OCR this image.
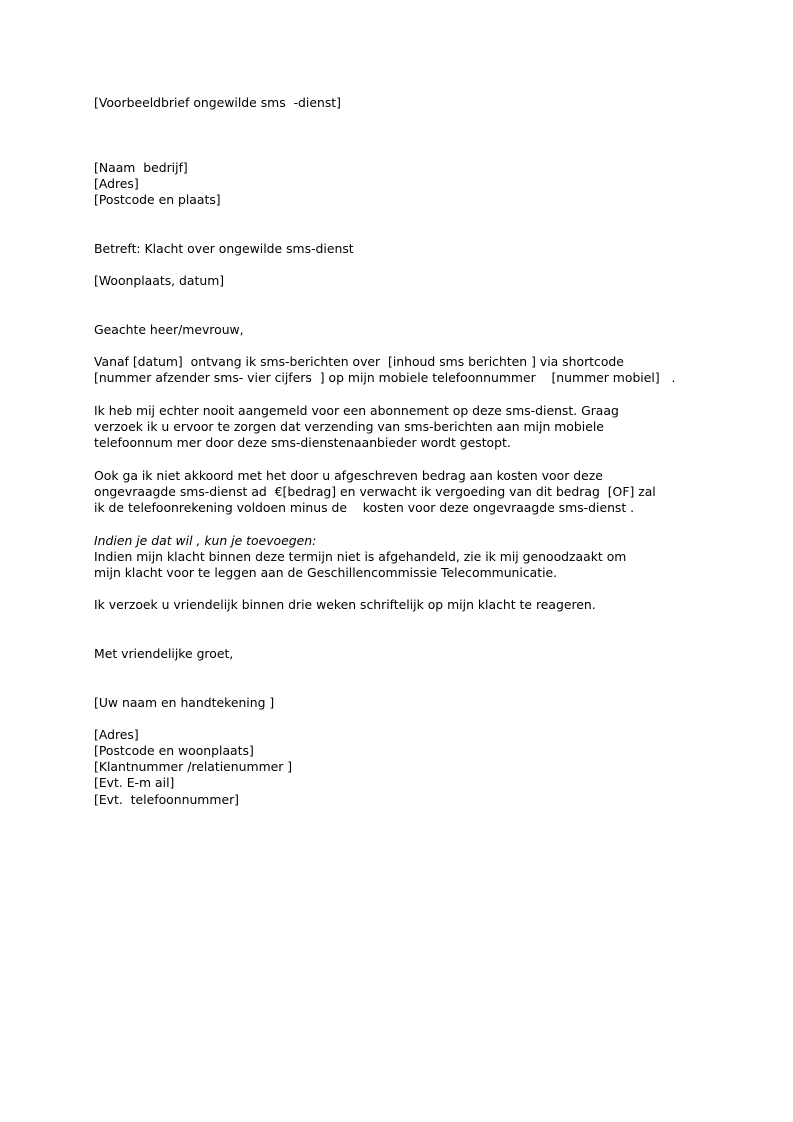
[Voorbeeldbrief ongewilde sms  -dienst]
[Naam  bedrijf]
[Adres]
[Postcode en plaats]
Betreft: Klacht over ongewilde sms-dienst
[Woonplaats, datum]
Geachte heer/mevrouw,
Vanaf [datum]  ontvang ik sms-berichten over  [inhoud sms berichten ] via shortcode
[nummer afzender sms- vier cijfers  ] op mijn mobiele telefoonnummer    [nummer mobiel]   .
Ik heb mij echter nooit aangemeld voor een abonnement op deze sms-dienst. Graag
verzoek ik u ervoor te zorgen dat verzending van sms-berichten aan mijn mobiele
telefoonnum mer door deze sms-dienstenaanbieder wordt gestopt.
Ook ga ik niet akkoord met het door u afgeschreven bedrag aan kosten voor deze
ongevraagde sms-dienst ad  €[bedrag] en verwacht ik vergoeding van dit bedrag  [OF] zal
ik de telefoonrekening voldoen minus de    kosten voor deze ongevraagde sms-dienst .
Indien je dat wil , kun je toevoegen:
Indien mijn klacht binnen deze termijn niet is afgehandeld, zie ik mij genoodzaakt om
mijn klacht voor te leggen aan de Geschillencommissie Telecommunicatie.
Ik verzoek u vriendelijk binnen drie weken schriftelijk op mijn klacht te reageren.
Met vriendelijke groet,
[Uw naam en handtekening ]
[Adres]
[Postcode en woonplaats]
[Klantnummer /relatienummer ]
[Evt. E-m ail]
[Evt.  telefoonnummer]
